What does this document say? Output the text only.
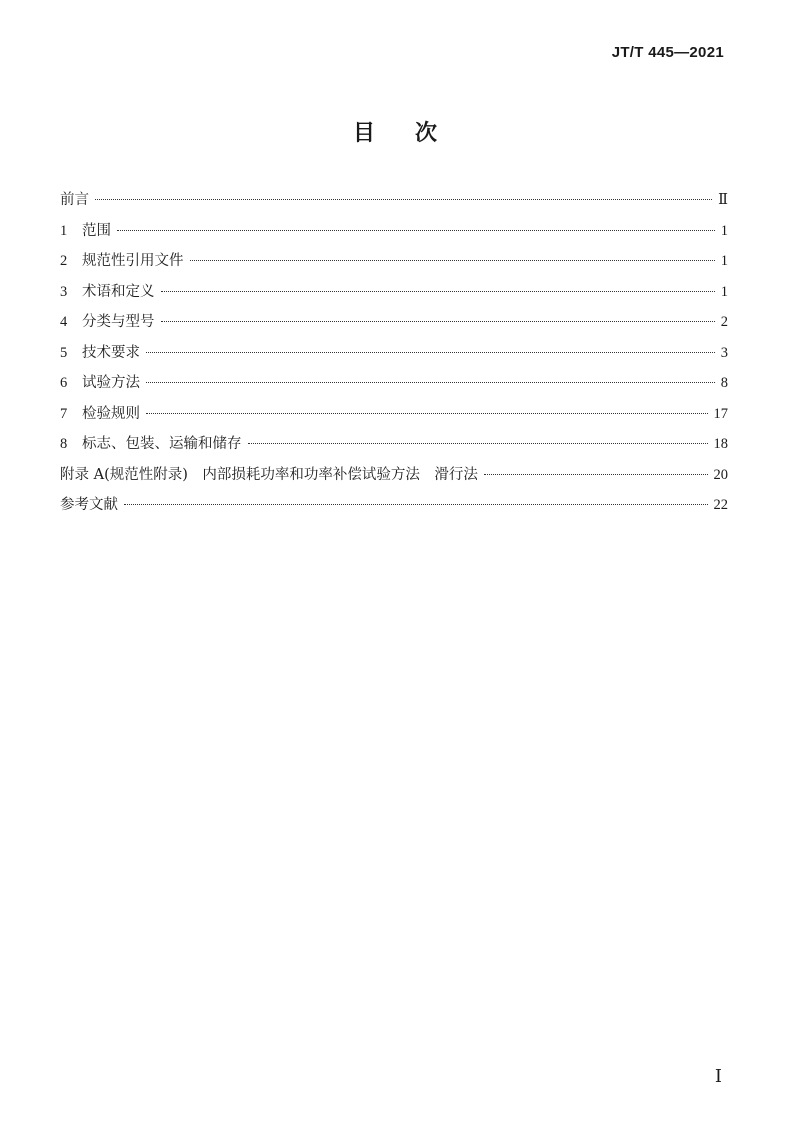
JT/T 445—2021
目 次
前言	Ⅱ
1	范围	1
2	规范性引用文件	1
3	术语和定义	1
4	分类与型号	2
5	技术要求	3
6	试验方法	8
7	检验规则	17
8	标志、包装、运输和储存	18
附录 A(规范性附录)　内部损耗功率和功率补偿试验方法　滑行法	20
参考文献	22
Ⅰ
